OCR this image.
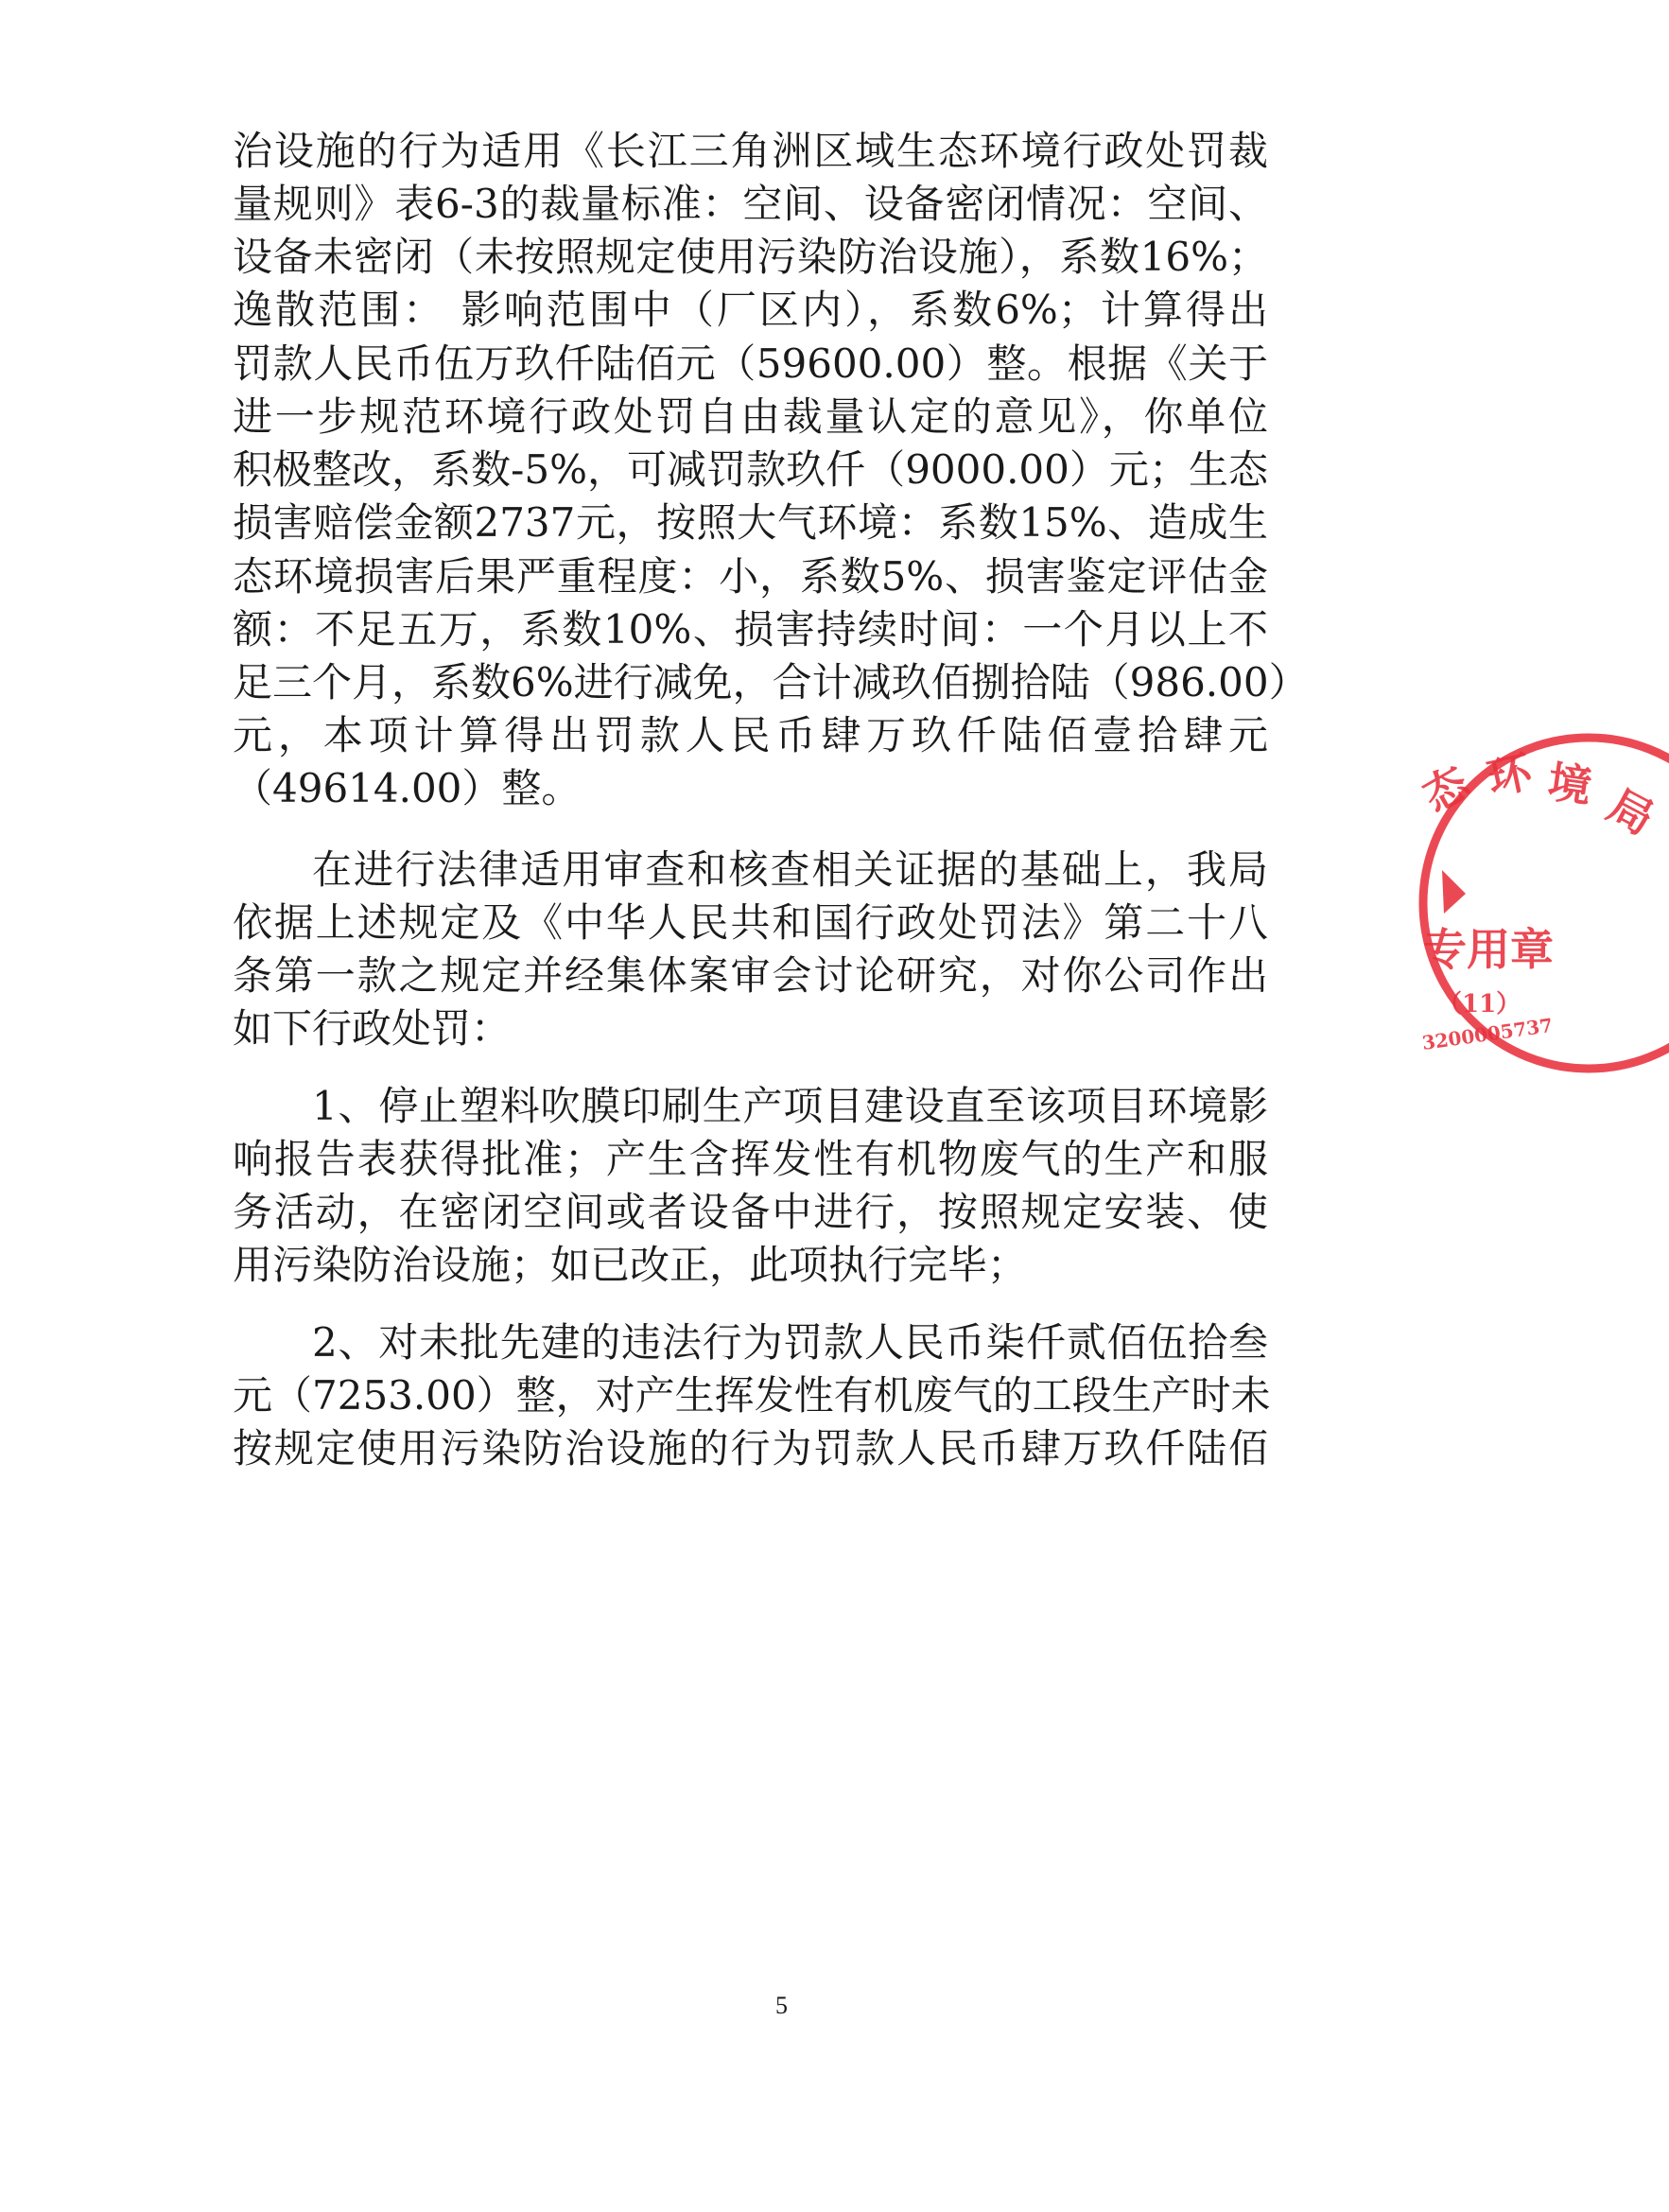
治设施的行为适用《长江三角洲区域生态环境行政处罚裁
量规则》表6-3的裁量标准：空间、设备密闭情况：空间、
设备未密闭（未按照规定使用污染防治设施），系数16%；
逸散范围： 影响范围中（厂区内），系数6%；计算得出
罚款人民币伍万玖仟陆佰元（59600.00）整。根据《关于
进一步规范环境行政处罚自由裁量认定的意见》，你单位
积极整改，系数-5%，可减罚款玖仟（9000.00）元；生态
损害赔偿金额2737元，按照大气环境：系数15%、造成生
态环境损害后果严重程度：小，系数5%、损害鉴定评估金
额：不足五万，系数10%、损害持续时间：一个月以上不
足三个月，系数6%进行减免，合计减玖佰捌拾陆（986.00）
元，本项计算得出罚款人民币肆万玖仟陆佰壹拾肆元
（49614.00）整。
在进行法律适用审查和核查相关证据的基础上，我局
依据上述规定及《中华人民共和国行政处罚法》第二十八
条第一款之规定并经集体案审会讨论研究，对你公司作出
如下行政处罚：
1、停止塑料吹膜印刷生产项目建设直至该项目环境影
响报告表获得批准；产生含挥发性有机物废气的生产和服
务活动，在密闭空间或者设备中进行，按照规定安装、使
用污染防治设施；如已改正，此项执行完毕；
2、对未批先建的违法行为罚款人民币柒仟贰佰伍拾叁
元（7253.00）整，对产生挥发性有机废气的工段生产时未
按规定使用污染防治设施的行为罚款人民币肆万玖仟陆佰
5
态 环 境 局
专用章
（11）
3200005737
